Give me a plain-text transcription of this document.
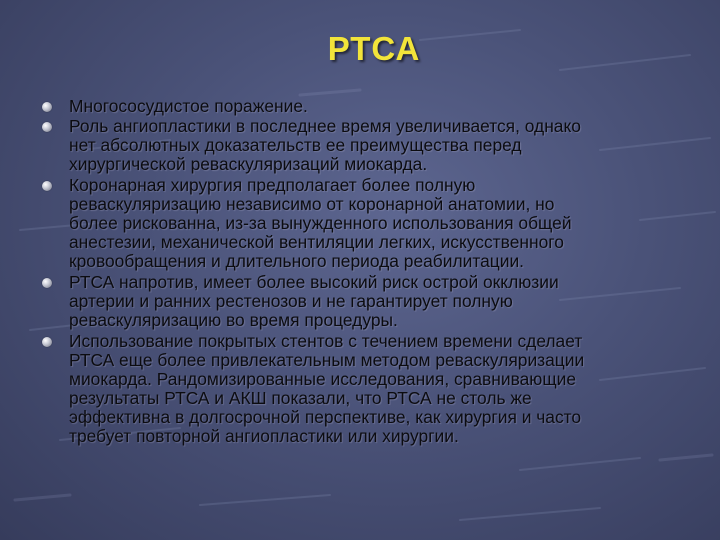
РТСА
Многососудистое поражение.
Роль ангиопластики в последнее время увеличивается, однако
нет абсолютных доказательств ее преимущества перед
хирургической реваскуляризаций миокарда.
Коронарная хирургия предполагает более полную
реваскуляризацию независимо от коронарной анатомии, но
более рискованна, из-за вынужденного использования общей
анестезии, механической вентиляции легких, искусственного
кровообращения и длительного периода реабилитации.
РТСА напротив, имеет более высокий риск острой окклюзии
артерии и ранних рестенозов и не гарантирует полную
реваскуляризацию во время процедуры.
Использование покрытых стентов с течением времени сделает
РТСА еще более привлекательным методом реваскуляризации
миокарда. Рандомизированные исследования, сравнивающие
результаты РТСА и АКШ показали, что РТСА не столь же
эффективна в долгосрочной перспективе, как хирургия и часто
требует повторной ангиопластики или хирургии.
